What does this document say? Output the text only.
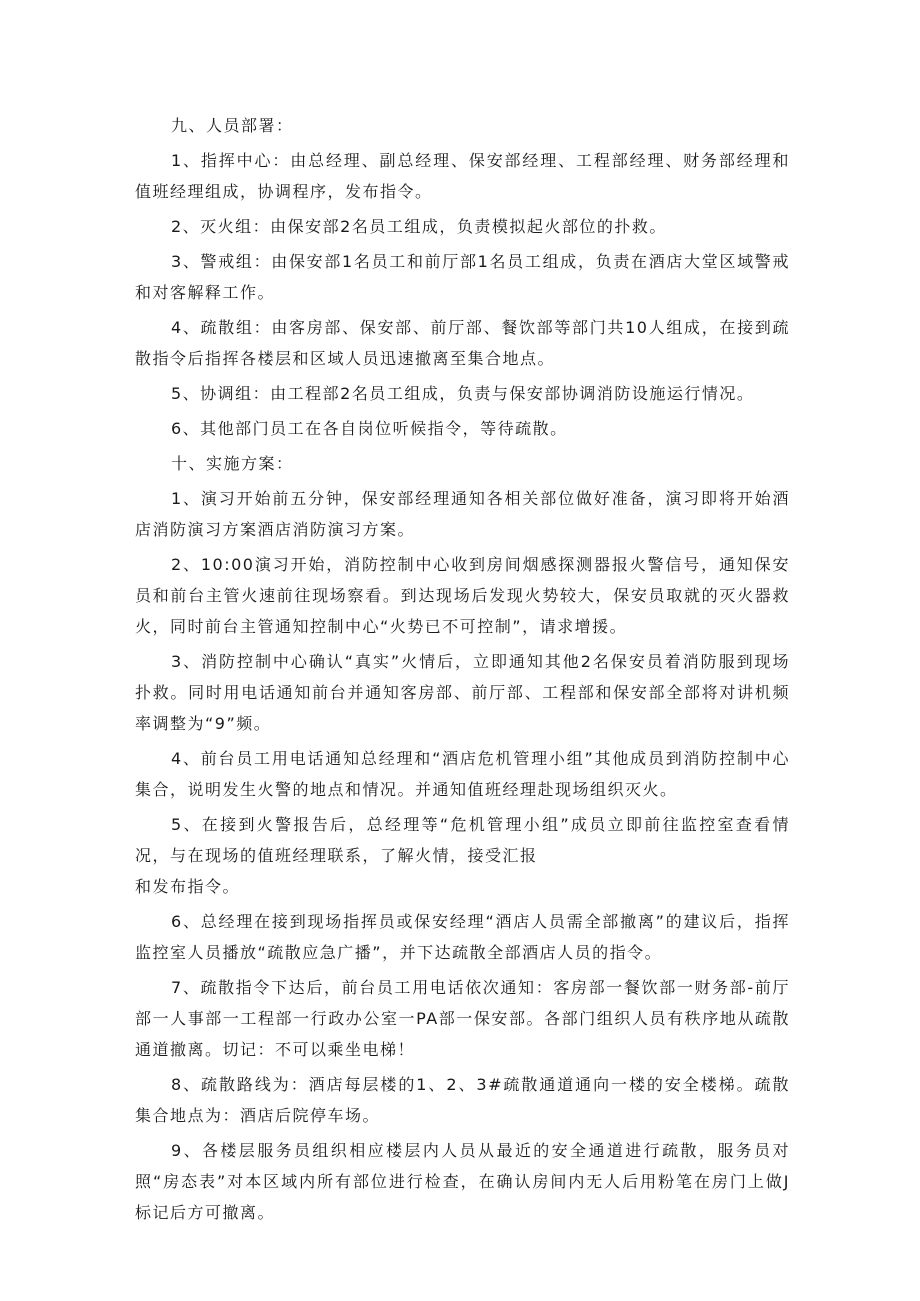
九、人员部署：

1、指挥中心：由总经理、副总经理、保安部经理、工程部经理、财务部经理和值班经理组成，协调程序，发布指令。

2、灭火组：由保安部2名员工组成，负责模拟起火部位的扑救。

3、警戒组：由保安部1名员工和前厅部1名员工组成，负责在酒店大堂区域警戒和对客解释工作。

4、疏散组：由客房部、保安部、前厅部、餐饮部等部门共10人组成，在接到疏散指令后指挥各楼层和区域人员迅速撤离至集合地点。

5、协调组：由工程部2名员工组成，负责与保安部协调消防设施运行情况。

6、其他部门员工在各自岗位听候指令，等待疏散。

十、实施方案：

1、演习开始前五分钟，保安部经理通知各相关部位做好准备，演习即将开始酒店消防演习方案酒店消防演习方案。

2、10:00演习开始，消防控制中心收到房间烟感探测器报火警信号，通知保安员和前台主管火速前往现场察看。到达现场后发现火势较大，保安员取就的灭火器救火，同时前台主管通知控制中心“火势已不可控制”，请求增援。

3、消防控制中心确认“真实”火情后，立即通知其他2名保安员着消防服到现场扑救。同时用电话通知前台并通知客房部、前厅部、工程部和保安部全部将对讲机频率调整为“9”频。

4、前台员工用电话通知总经理和“酒店危机管理小组”其他成员到消防控制中心集合，说明发生火警的地点和情况。并通知值班经理赴现场组织灭火。

5、在接到火警报告后，总经理等“危机管理小组”成员立即前往监控室查看情况，与在现场的值班经理联系，了解火情，接受汇报

和发布指令。

6、总经理在接到现场指挥员或保安经理“酒店人员需全部撤离”的建议后，指挥监控室人员播放“疏散应急广播”，并下达疏散全部酒店人员的指令。

7、疏散指令下达后，前台员工用电话依次通知：客房部一餐饮部一财务部-前厅部一人事部一工程部一行政办公室一PA部一保安部。各部门组织人员有秩序地从疏散通道撤离。切记：不可以乘坐电梯！

8、疏散路线为：酒店每层楼的1、2、3#疏散通道通向一楼的安全楼梯。疏散集合地点为：酒店后院停车场。

9、各楼层服务员组织相应楼层内人员从最近的安全通道进行疏散，服务员对照“房态表”对本区域内所有部位进行检查，在确认房间内无人后用粉笔在房门上做J标记后方可撤离。
